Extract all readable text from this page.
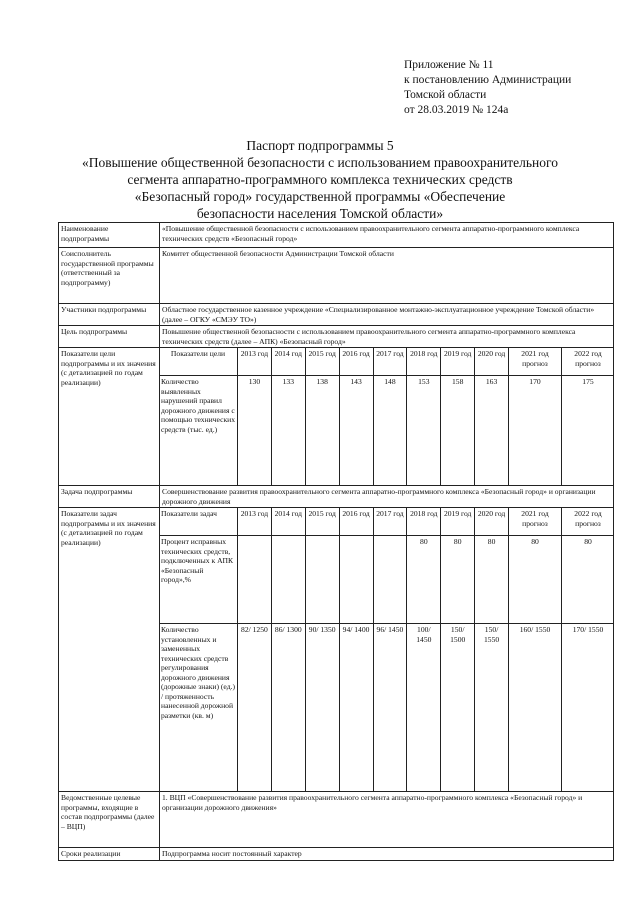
Приложение № 11
к постановлению Администрации
Томской области
от 28.03.2019 № 124а
Паспорт подпрограммы 5
«Повышение общественной безопасности с использованием правоохранительного
сегмента аппаратно-программного комплекса технических средств
«Безопасный город» государственной программы «Обеспечение
безопасности населения Томской области»
Наименование подпрограммы	«Повышение общественной безопасности с использованием правоохранительного сегмента аппаратно-программного комплекса технических средств «Безопасный город»
Соисполнитель государственной программы (ответственный за подпрограмму)	Комитет общественной безопасности Администрации Томской области
Участники подпрограммы	Областное государственное казенное учреждение «Специализированное монтажно-эксплуатационное учреждение Томской области» (далее – ОГКУ «СМЭУ ТО»)
Цель подпрограммы	Повышение общественной безопасности с использованием правоохранительного сегмента аппаратно-программного комплекса технических средств (далее – АПК) «Безопасный город»
Показатели цели подпрограммы и их значения (с детализацией по годам реализации)	
Показатели цели	2013 год	2014 год	2015 год	2016 год	2017 год	2018 год	2019 год	2020 год	2021 год прогноз	2022 год прогноз
Количество выявленных нарушений правил дорожного движения с помощью технических средств (тыс. ед.)	130	133	138	143	148	153	158	163	170	175

Задача подпрограммы	Совершенствование развития правоохранительного сегмента аппаратно-программного комплекса «Безопасный город» и организации дорожного движения
Показатели задач подпрограммы и их значения (с детализацией по годам реализации)	
Показатели задач	2013 год	2014 год	2015 год	2016 год	2017 год	2018 год	2019 год	2020 год	2021 год прогноз	2022 год прогноз
Процент исправных технических средств, подключенных к АПК «Безопасный город»,%						80	80	80	80	80
Количество установленных и замененных технических средств регулирования дорожного движения (дорожные знаки) (ед.) / протяженность нанесенной дорожной разметки (кв. м)	82/ 1250	86/ 1300	90/ 1350	94/ 1400	96/ 1450	100/ 1450	150/ 1500	150/ 1550	160/ 1550	170/ 1550

Ведомственные целевые программы, входящие в состав подпрограммы (далее – ВЦП)	1. ВЦП «Совершенствование развития правоохранительного сегмента аппаратно-программного комплекса «Безопасный город» и организации дорожного движения»
Сроки реализации	Подпрограмма носит постоянный характер
